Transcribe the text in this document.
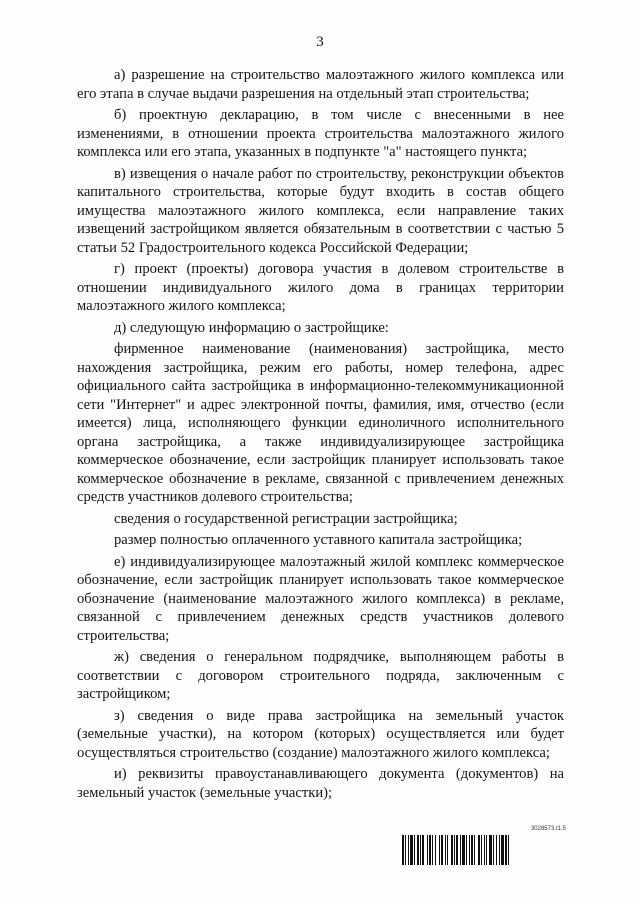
3

а) разрешение на строительство малоэтажного жилого комплекса или его этапа в случае выдачи разрешения на отдельный этап строительства;

б) проектную декларацию, в том числе с внесенными в нее изменениями, в отношении проекта строительства малоэтажного жилого комплекса или его этапа, указанных в подпункте "а" настоящего пункта;

в) извещения о начале работ по строительству, реконструкции объектов капитального строительства, которые будут входить в состав общего имущества малоэтажного жилого комплекса, если направление таких извещений застройщиком является обязательным в соответствии с частью 5 статьи 52 Градостроительного кодекса Российской Федерации;

г) проект (проекты) договора участия в долевом строительстве в отношении индивидуального жилого дома в границах территории малоэтажного жилого комплекса;

д) следующую информацию о застройщике:

фирменное наименование (наименования) застройщика, место нахождения застройщика, режим его работы, номер телефона, адрес официального сайта застройщика в информационно-телекоммуникационной сети "Интернет" и адрес электронной почты, фамилия, имя, отчество (если имеется) лица, исполняющего функции единоличного исполнительного органа застройщика, а также индивидуализирующее застройщика коммерческое обозначение, если застройщик планирует использовать такое коммерческое обозначение в рекламе, связанной с привлечением денежных средств участников долевого строительства;

сведения о государственной регистрации застройщика;

размер полностью оплаченного уставного капитала застройщика;

е) индивидуализирующее малоэтажный жилой комплекс коммерческое обозначение, если застройщик планирует использовать такое коммерческое обозначение (наименование малоэтажного жилого комплекса) в рекламе, связанной с привлечением денежных средств участников долевого строительства;

ж) сведения о генеральном подрядчике, выполняющем работы в соответствии с договором строительного подряда, заключенным с застройщиком;

з) сведения о виде права застройщика на земельный участок (земельные участки), на котором (которых) осуществляется или будет осуществляться строительство (создание) малоэтажного жилого комплекса;

и) реквизиты правоустанавливающего документа (документов) на земельный участок (земельные участки);

3028573.t1.5
